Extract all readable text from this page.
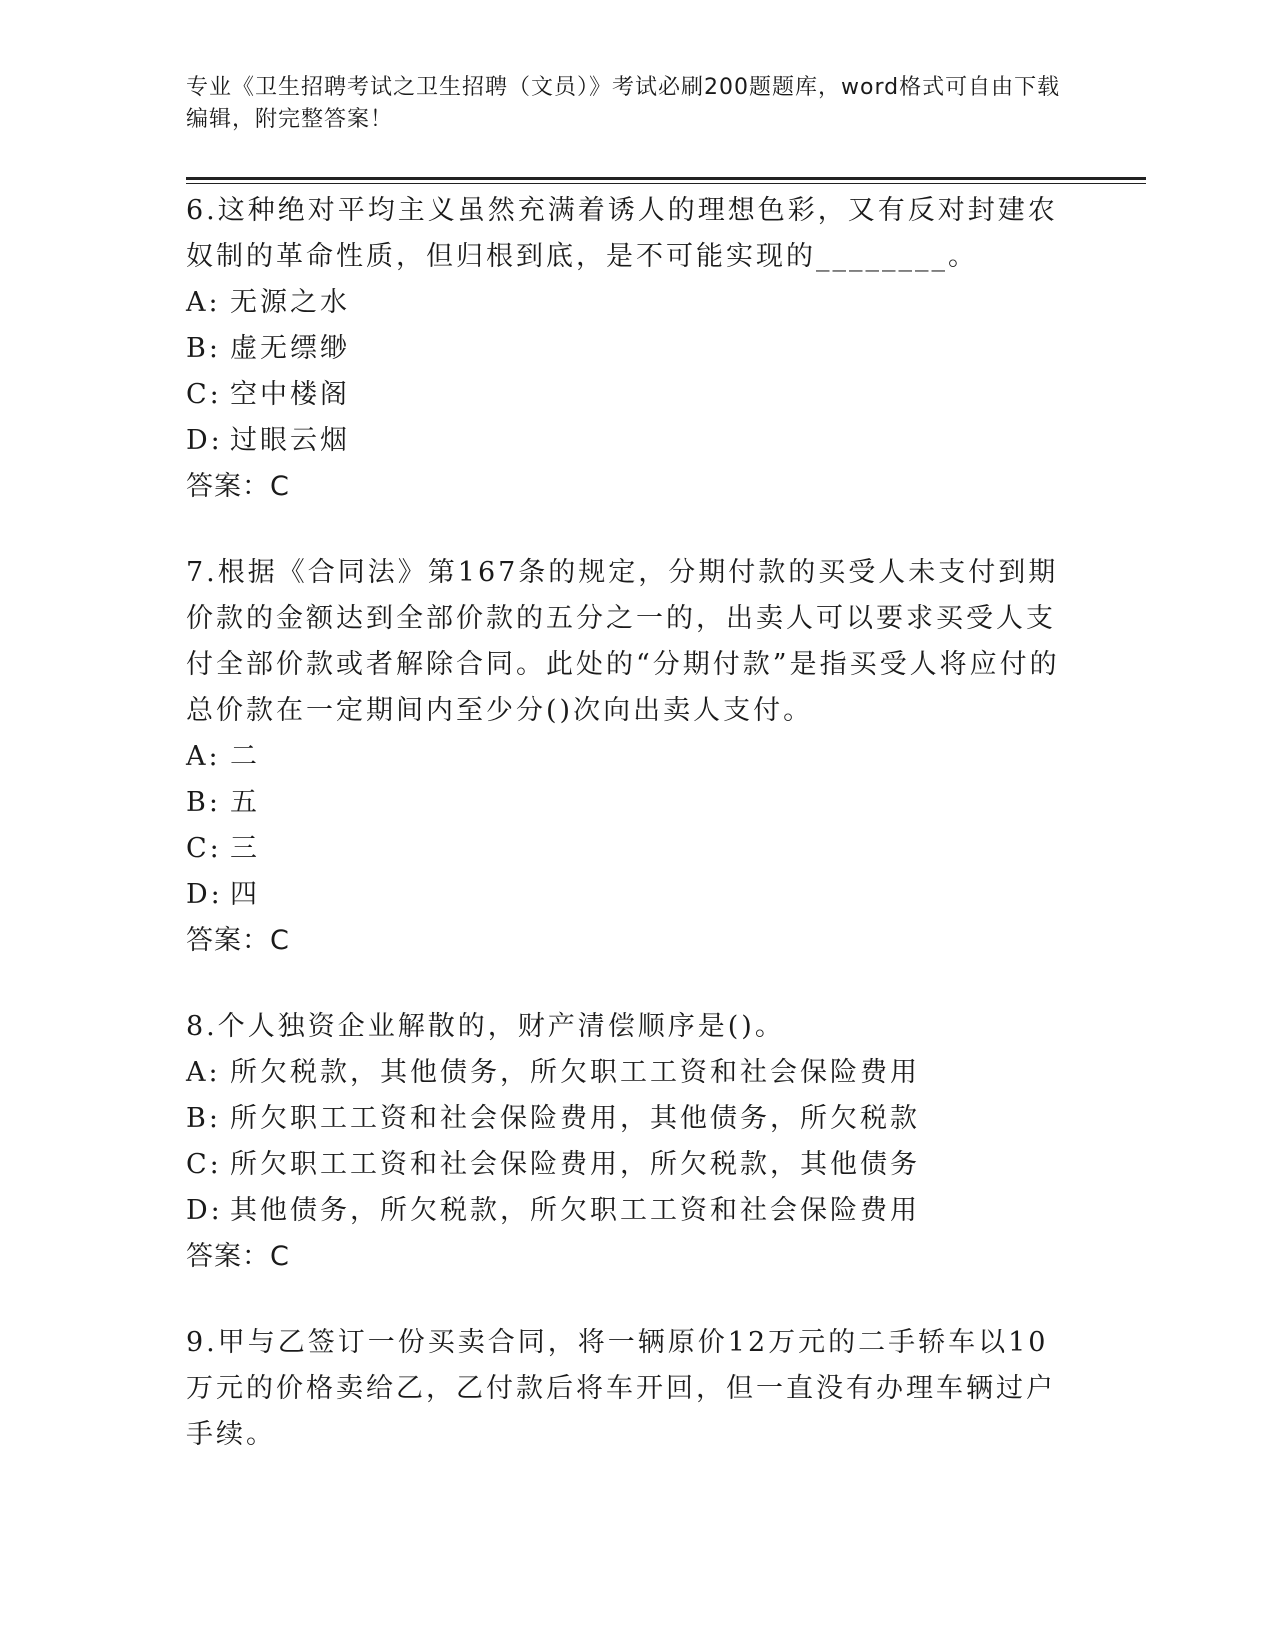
专业《卫生招聘考试之卫生招聘（文员）》考试必刷200题题库，word格式可自由下载编辑，附完整答案！

6.这种绝对平均主义虽然充满着诱人的理想色彩，又有反对封建农奴制的革命性质，但归根到底，是不可能实现的________。

A: 无源之水

B: 虚无缥缈

C: 空中楼阁

D: 过眼云烟

答案：C

7.根据《合同法》第167条的规定，分期付款的买受人未支付到期价款的金额达到全部价款的五分之一的，出卖人可以要求买受人支付全部价款或者解除合同。此处的“分期付款”是指买受人将应付的总价款在一定期间内至少分()次向出卖人支付。

A: 二

B: 五

C: 三

D: 四

答案：C

8.个人独资企业解散的，财产清偿顺序是()。

A: 所欠税款，其他债务，所欠职工工资和社会保险费用

B: 所欠职工工资和社会保险费用，其他债务，所欠税款

C: 所欠职工工资和社会保险费用，所欠税款，其他债务

D: 其他债务，所欠税款，所欠职工工资和社会保险费用

答案：C

9.甲与乙签订一份买卖合同，将一辆原价12万元的二手轿车以10万元的价格卖给乙，乙付款后将车开回，但一直没有办理车辆过户手续。
